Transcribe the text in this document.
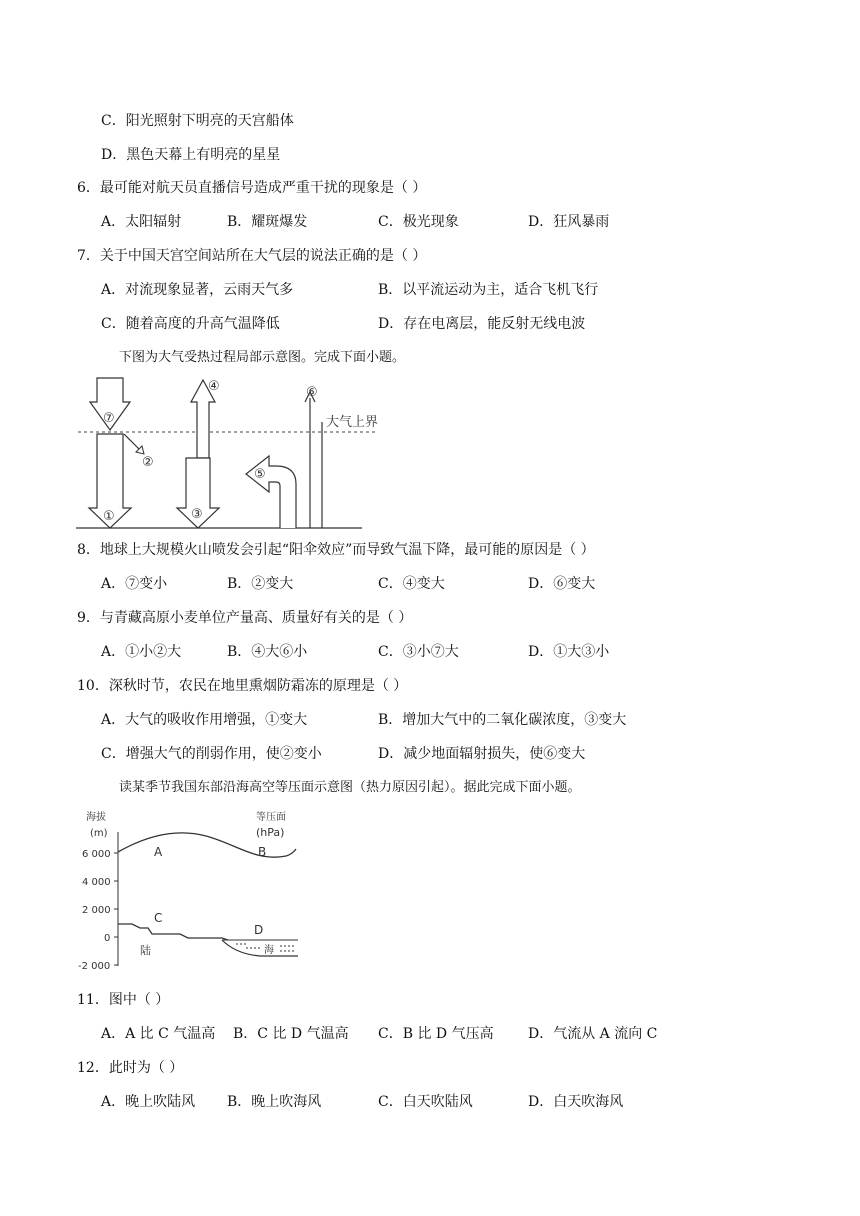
C．阳光照射下明亮的天宫船体
D．黑色天幕上有明亮的星星
6．最可能对航天员直播信号造成严重干扰的现象是（ ）
A．太阳辐射	B．耀斑爆发	C．极光现象	D．狂风暴雨
7．关于中国天宫空间站所在大气层的说法正确的是（ ）
A．对流现象显著，云雨天气多	B．以平流运动为主，适合飞机飞行
C．随着高度的升高气温降低	D．存在电离层，能反射无线电波
下图为大气受热过程局部示意图。完成下面小题。
大气上界
⑦
①
②
④
③
⑥
⑤
8．地球上大规模火山喷发会引起“阳伞效应”而导致气温下降，最可能的原因是（ ）
A．⑦变小	B．②变大	C．④变大	D．⑥变大
9．与青藏高原小麦单位产量高、质量好有关的是（ ）
A．①小②大	B．④大⑥小	C．③小⑦大	D．①大③小
10．深秋时节，农民在地里熏烟防霜冻的原理是（ ）
A．大气的吸收作用增强，①变大	B．增加大气中的二氧化碳浓度，③变大
C．增强大气的削弱作用，使②变小	D．减少地面辐射损失，使⑥变大
读某季节我国东部沿海高空等压面示意图（热力原因引起）。据此完成下面小题。
海拔
(m)
等压面
(hPa)
6 000
4 000
2 000
0
-2 000
A	B
C
陆
D
海
11．图中（ ）
A．A 比 C 气温高 B．C 比 D 气温高 C．B 比 D 气压高 D．气流从 A 流向 C
12．此时为（ ）
A．晚上吹陆风 B．晚上吹海风	C．白天吹陆风	D．白天吹海风
